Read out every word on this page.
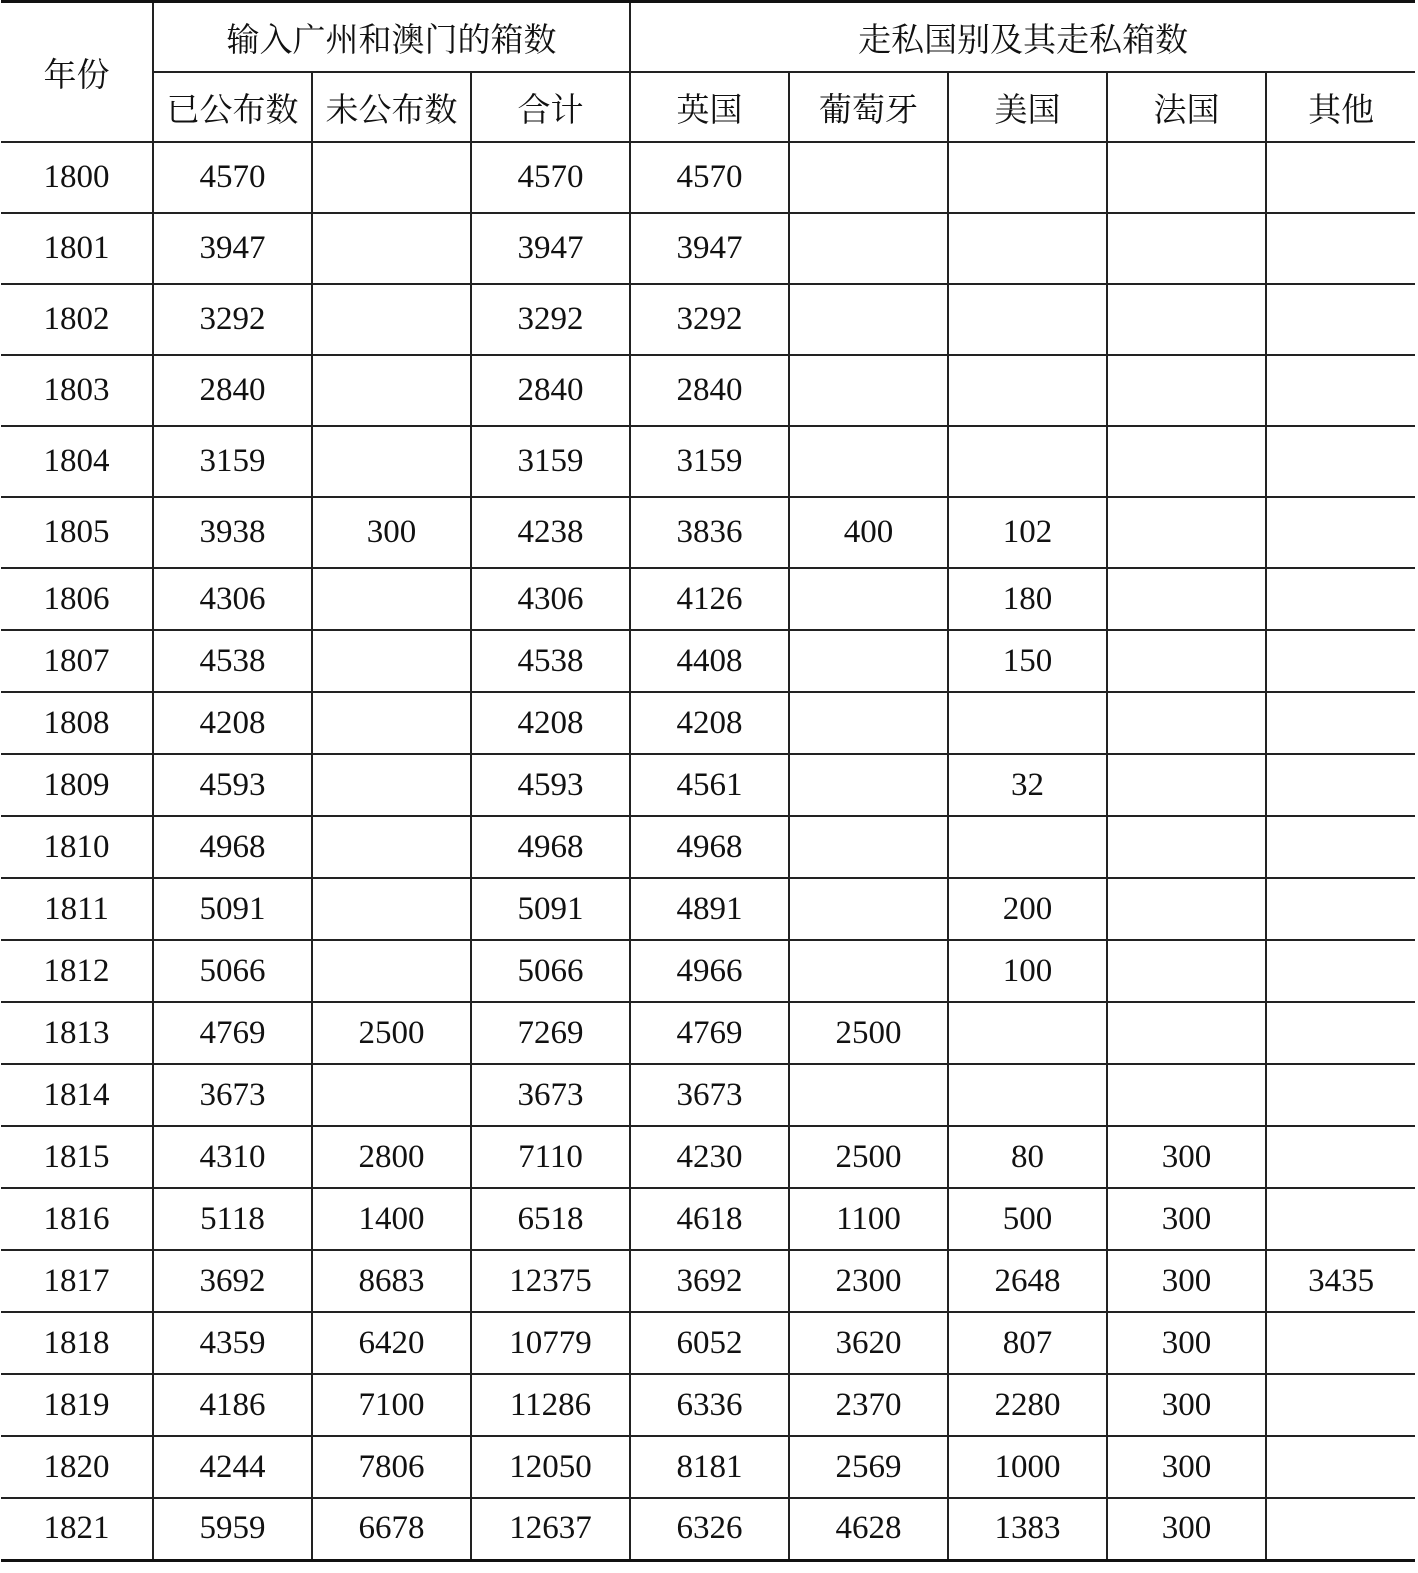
年份	输入广州和澳门的箱数			走私国别及其走私箱数				
	已公布数	未公布数	合计	英国	葡萄牙	美国	法国	其他
1800	4570		4570	4570				
1801	3947		3947	3947				
1802	3292		3292	3292				
1803	2840		2840	2840				
1804	3159		3159	3159				
1805	3938	300	4238	3836	400	102		
1806	4306		4306	4126		180		
1807	4538		4538	4408		150		
1808	4208		4208	4208				
1809	4593		4593	4561		32		
1810	4968		4968	4968				
1811	5091		5091	4891		200		
1812	5066		5066	4966		100		
1813	4769	2500	7269	4769	2500			
1814	3673		3673	3673				
1815	4310	2800	7110	4230	2500	80	300	
1816	5118	1400	6518	4618	1100	500	300	
1817	3692	8683	12375	3692	2300	2648	300	3435
1818	4359	6420	10779	6052	3620	807	300	
1819	4186	7100	11286	6336	2370	2280	300	
1820	4244	7806	12050	8181	2569	1000	300	
1821	5959	6678	12637	6326	4628	1383	300	
